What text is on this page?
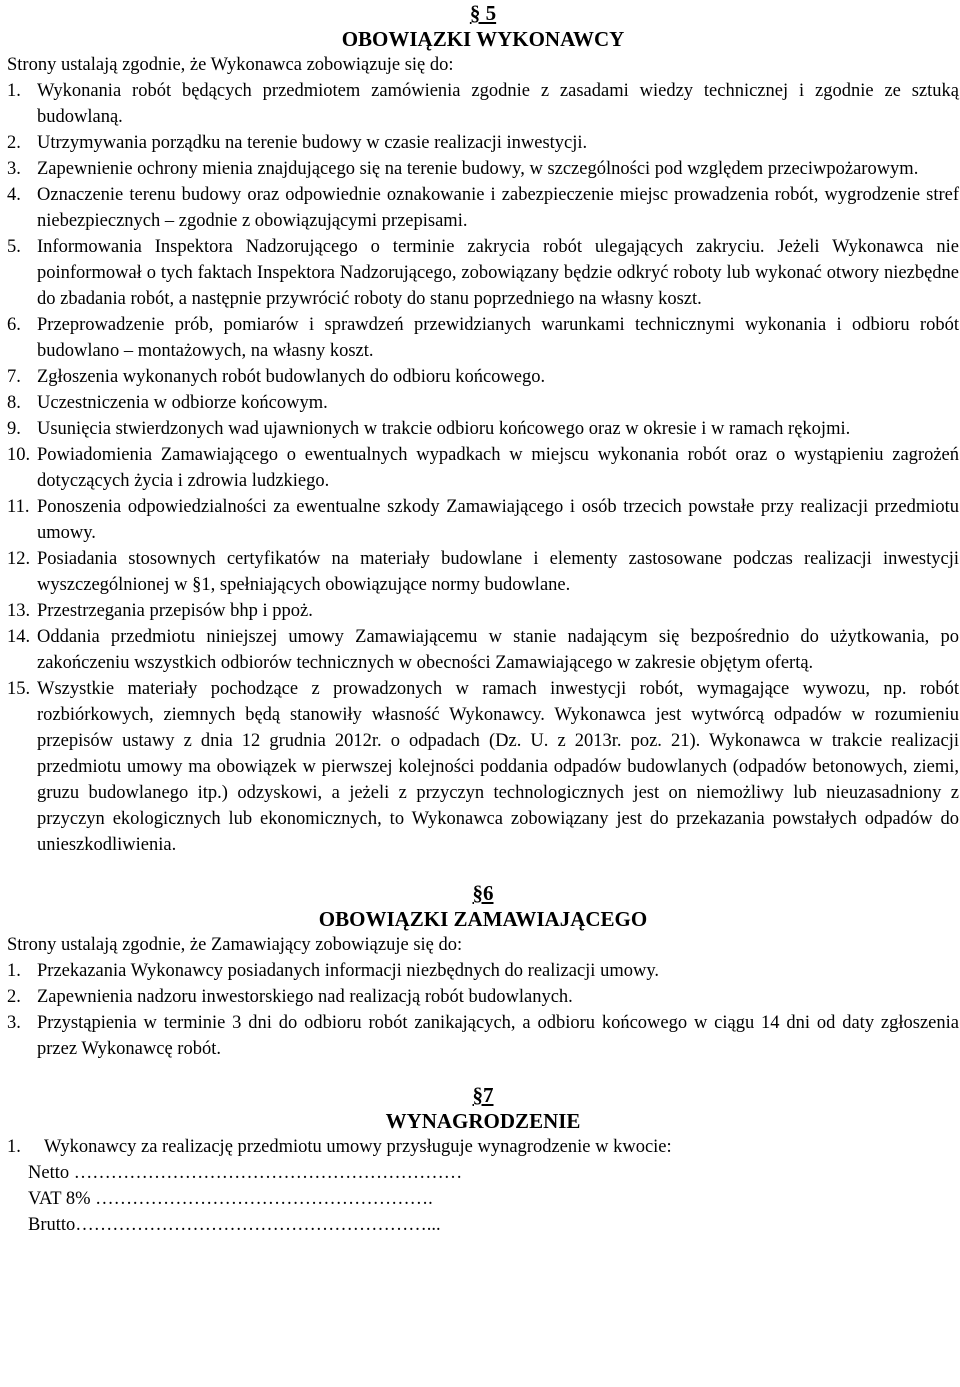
§ 5
OBOWIĄZKI WYKONAWCY
Strony ustalają zgodnie, że Wykonawca zobowiązuje się do:
1. Wykonania robót będących przedmiotem zamówienia zgodnie z zasadami wiedzy technicznej i zgodnie ze sztuką budowlaną.
2. Utrzymywania porządku na terenie budowy w czasie realizacji inwestycji.
3. Zapewnienie ochrony mienia znajdującego się na terenie budowy, w szczególności pod względem przeciwpożarowym.
4. Oznaczenie terenu budowy oraz odpowiednie oznakowanie i zabezpieczenie miejsc prowadzenia robót, wygrodzenie stref niebezpiecznych – zgodnie z obowiązującymi przepisami.
5. Informowania Inspektora Nadzorującego o terminie zakrycia robót ulegających zakryciu. Jeżeli Wykonawca nie poinformował o tych faktach Inspektora Nadzorującego, zobowiązany będzie odkryć roboty lub wykonać otwory niezbędne do zbadania robót, a następnie przywrócić roboty do stanu poprzedniego na własny koszt.
6. Przeprowadzenie prób, pomiarów i sprawdzeń przewidzianych warunkami technicznymi wykonania i odbioru robót budowlano – montażowych, na własny koszt.
7. Zgłoszenia wykonanych robót budowlanych do odbioru końcowego.
8. Uczestniczenia w odbiorze końcowym.
9. Usunięcia stwierdzonych wad ujawnionych w trakcie odbioru końcowego oraz w okresie i w ramach rękojmi.
10. Powiadomienia Zamawiającego o ewentualnych wypadkach w miejscu wykonania robót oraz o wystąpieniu zagrożeń dotyczących życia i zdrowia ludzkiego.
11. Ponoszenia odpowiedzialności za ewentualne szkody Zamawiającego i osób trzecich powstałe przy realizacji przedmiotu umowy.
12. Posiadania stosownych certyfikatów na materiały budowlane i elementy zastosowane podczas realizacji inwestycji wyszczególnionej w §1, spełniających obowiązujące normy budowlane.
13. Przestrzegania przepisów bhp i ppoż.
14. Oddania przedmiotu niniejszej umowy Zamawiającemu w stanie nadającym się bezpośrednio do użytkowania, po zakończeniu wszystkich odbiorów technicznych w obecności Zamawiającego w zakresie objętym ofertą.
15. Wszystkie materiały pochodzące z prowadzonych w ramach inwestycji robót, wymagające wywozu, np. robót rozbiórkowych, ziemnych będą stanowiły własność Wykonawcy. Wykonawca jest wytwórcą odpadów w rozumieniu przepisów ustawy z dnia 12 grudnia 2012r. o odpadach (Dz. U. z 2013r. poz. 21). Wykonawca w trakcie realizacji przedmiotu umowy ma obowiązek w pierwszej kolejności poddania odpadów budowlanych (odpadów betonowych, ziemi, gruzu budowlanego itp.) odzyskowi, a jeżeli z przyczyn technologicznych jest on niemożliwy lub nieuzasadniony z przyczyn ekologicznych lub ekonomicznych, to Wykonawca zobowiązany jest do przekazania powstałych odpadów do unieszkodliwienia.
§6
OBOWIĄZKI ZAMAWIAJĄCEGO
Strony ustalają zgodnie, że Zamawiający zobowiązuje się do:
1. Przekazania Wykonawcy posiadanych informacji niezbędnych do realizacji umowy.
2. Zapewnienia nadzoru inwestorskiego nad realizacją robót budowlanych.
3. Przystąpienia w terminie 3 dni do odbioru robót zanikających, a odbioru końcowego w ciągu 14 dni od daty zgłoszenia przez Wykonawcę robót.
§7
WYNAGRODZENIE
1.	Wykonawcy za realizację przedmiotu umowy przysługuje wynagrodzenie w kwocie:
Netto ………………………………………………………
VAT 8% ……………………………………………….
Brutto…………………………………………………...
